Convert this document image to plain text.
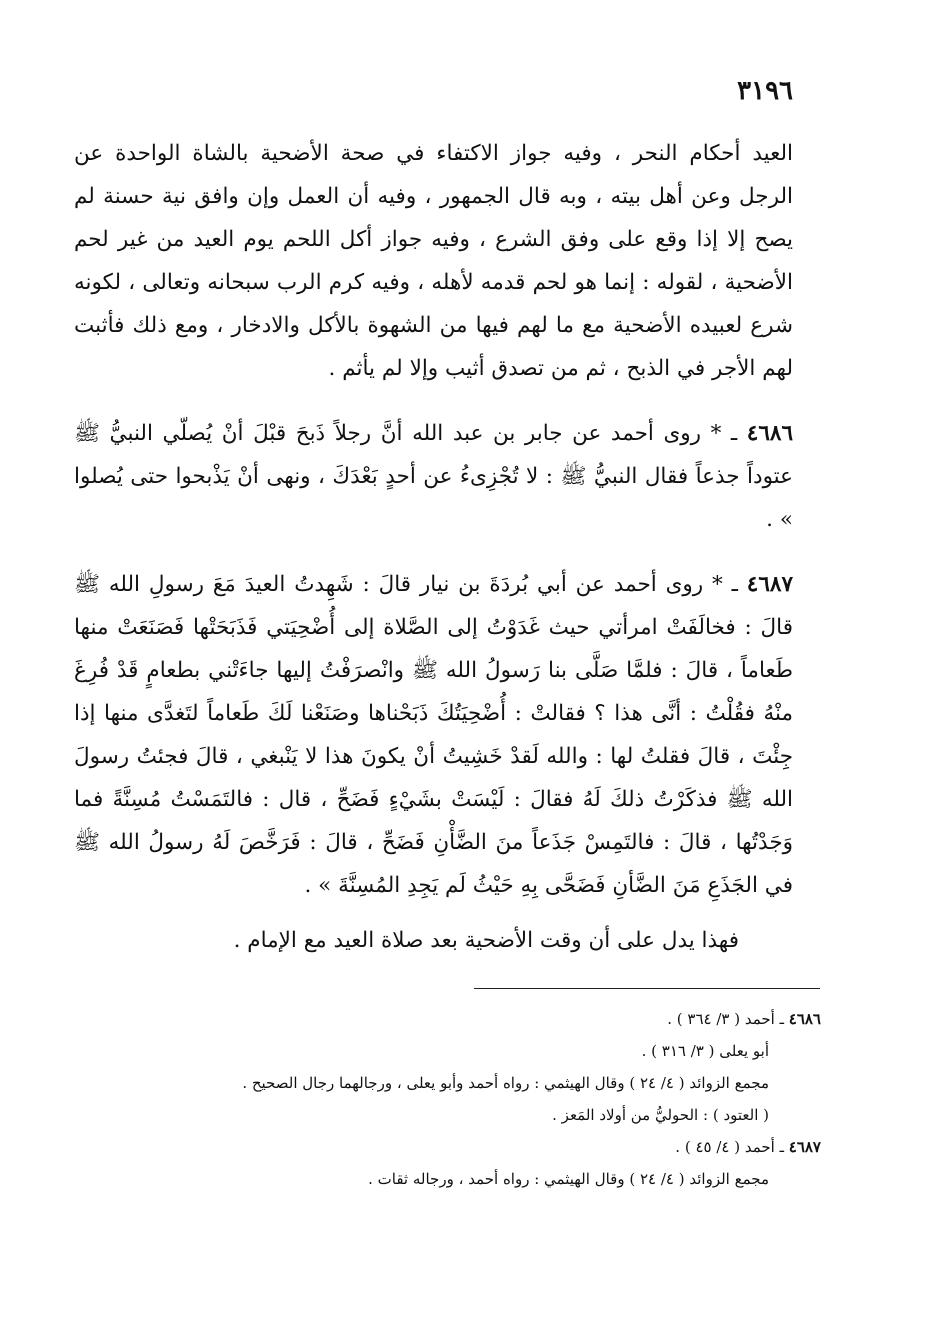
٣١٩٦

العيد أحكام النحر ، وفيه جواز الاكتفاء في صحة الأضحية بالشاة الواحدة عن الرجل وعن أهل بيته ، وبه قال الجمهور ، وفيه أن العمل وإن وافق نية حسنة لم يصح إلا إذا وقع على وفق الشرع ، وفيه جواز أكل اللحم يوم العيد من غير لحم الأضحية ، لقوله : إنما هو لحم قدمه لأهله ، وفيه كرم الرب سبحانه وتعالى ، لكونه شرع لعبيده الأضحية مع ما لهم فيها من الشهوة بالأكل والادخار ، ومع ذلك فأثبت لهم الأجر في الذبح ، ثم من تصدق أثيب وإلا لم يأثم .

٤٦٨٦ ـ * روى أحمد عن جابر بن عبد الله أنَّ رجلاً ذَبحَ قبْلَ أنْ يُصلّي النبيُّ ﷺ عتوداً جذعاً فقال النبيُّ ﷺ : لا تُجْزِىءُ عن أحدٍ بَعْدَكَ ، ونهى أنْ يَذْبحوا حتى يُصلوا » .

٤٦٨٧ ـ * روى أحمد عن أبي بُردَةَ بن نيار قالَ : شَهِدتُ العيدَ مَعَ رسولِ الله ﷺ قالَ : فخالَفَتْ امرأتي حيث غَدَوْتُ إلى الصَّلاة إلى أُضْحِيَتي فَذَبَحَتْها فَصَنَعَتْ منها طَعاماً ، قالَ : فلمَّا صَلَّى بنا رَسولُ الله ﷺ وانْصرَفْتُ إليها جاءَتْني بطعامٍ قَدْ فُرِغَ منْهُ فقُلْتُ : أنَّى هذا ؟ فقالتْ : أُضْحِيَتُكَ ذَبَحْناها وصَنَعْنا لَكَ طَعاماً لتَغدَّى منها إذا جِئْتَ ، قالَ فقلتُ لها : والله لَقدْ خَشِيتُ أنْ يكونَ هذا لا يَنْبغي ، قالَ فجئتُ رسولَ الله ﷺ فذكَرْتُ ذلكَ لَهُ فقالَ : لَيْسَتْ بشَيْءٍ فَضَحِّ ، قال : فالتَمَسْتُ مُسِنَّةً فما وَجَدْتُها ، قالَ : فالتَمِسْ جَذَعاً منَ الضَّأْنِ فَضَحِّ ، قالَ : فَرَخَّصَ لَهُ رسولُ الله ﷺ في الجَذَعِ مَنَ الضَّأنِ فَضَحَّى بِهِ حَيْثُ لَم يَجِدِ المُسِنَّةَ » .

فهذا يدل على أن وقت الأضحية بعد صلاة العيد مع الإمام .

٤٦٨٦ ـ أحمد ( ٣/ ٣٦٤ ) .

أبو يعلى ( ٣/ ٣١٦ ) .

مجمع الزوائد ( ٤/ ٢٤ ) وقال الهيثمي : رواه أحمد وأبو يعلى ، ورجالهما رجال الصحيح .

( العتود ) : الحوليُّ من أولاد المَعز .

٤٦٨٧ ـ أحمد ( ٤/ ٤٥ ) .

مجمع الزوائد ( ٤/ ٢٤ ) وقال الهيثمي : رواه أحمد ، ورجاله ثقات .
